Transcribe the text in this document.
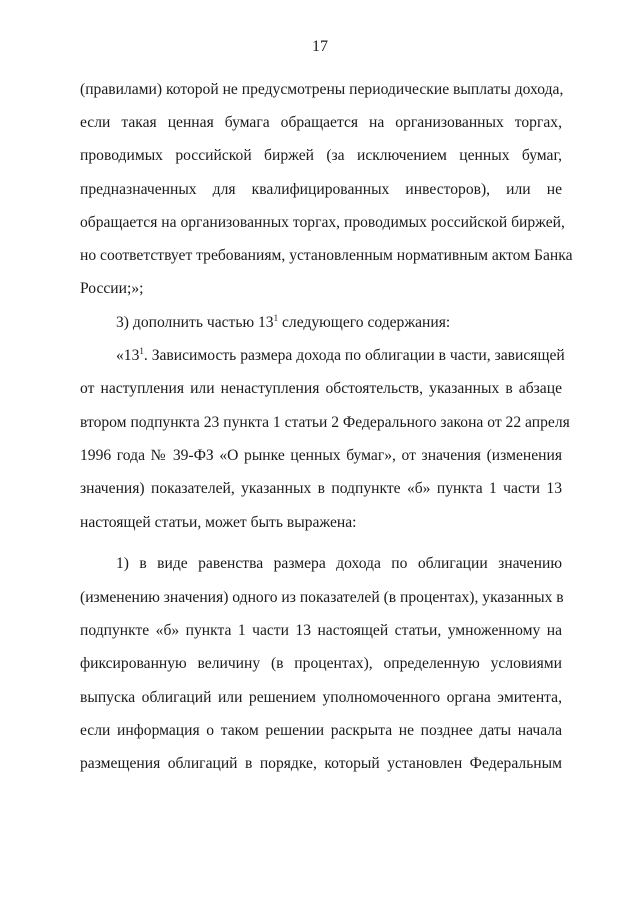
17
(правилами) которой не предусмотрены периодические выплаты дохода,
если такая ценная бумага обращается на организованных торгах,
проводимых российской биржей (за исключением ценных бумаг,
предназначенных для квалифицированных инвесторов), или не
обращается на организованных торгах, проводимых российской биржей,
но соответствует требованиям, установленным нормативным актом Банка
России;»;
3) дополнить частью $13^1$ следующего содержания:
«$13^1$. Зависимость размера дохода по облигации в части, зависящей
от наступления или ненаступления обстоятельств, указанных в абзаце
втором подпункта 23 пункта 1 статьи 2 Федерального закона от 22 апреля
1996 года № 39-ФЗ «О рынке ценных бумаг», от значения (изменения
значения) показателей, указанных в подпункте «б» пункта 1 части 13
настоящей статьи, может быть выражена:
1) в виде равенства размера дохода по облигации значению
(изменению значения) одного из показателей (в процентах), указанных в
подпункте «б» пункта 1 части 13 настоящей статьи, умноженному на
фиксированную величину (в процентах), определенную условиями
выпуска облигаций или решением уполномоченного органа эмитента,
если информация о таком решении раскрыта не позднее даты начала
размещения облигаций в порядке, который установлен Федеральным
